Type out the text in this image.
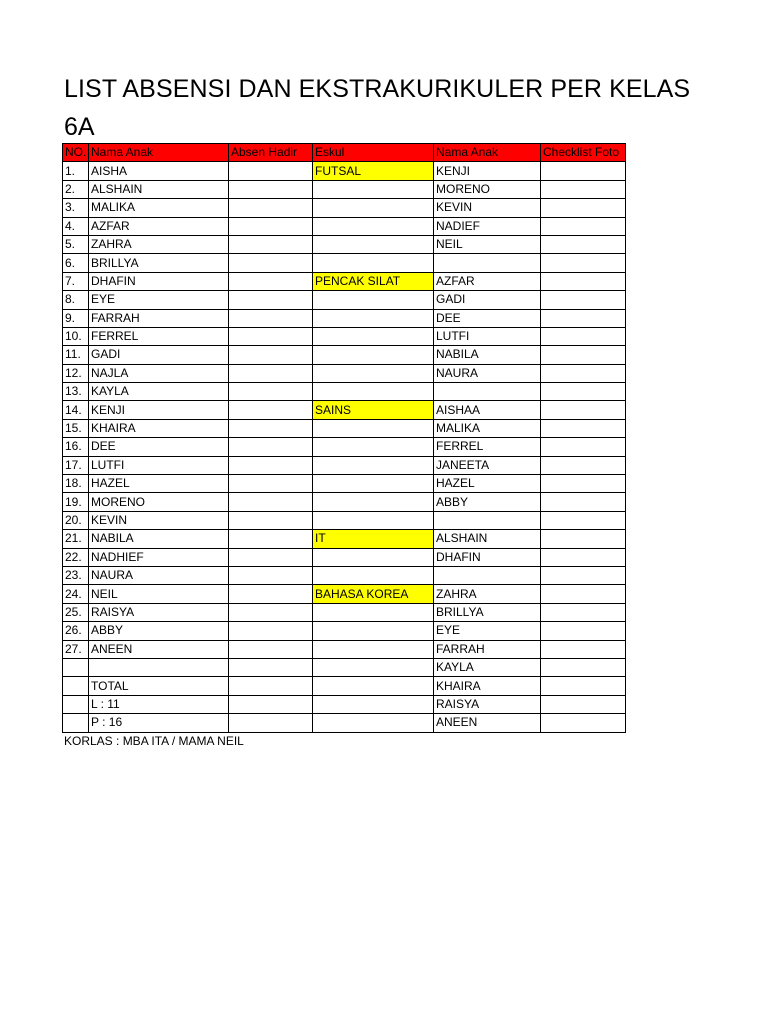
LIST ABSENSI DAN EKSTRAKURIKULER PER KELAS
6A
NO.	Nama Anak	Absen Hadir	Eskul	Nama Anak	Checklist Foto
1.	AISHA		FUTSAL	KENJI	
2.	ALSHAIN			MORENO	
3.	MALIKA			KEVIN	
4.	AZFAR			NADIEF	
5.	ZAHRA			NEIL	
6.	BRILLYA				
7.	DHAFIN		PENCAK SILAT	AZFAR	
8.	EYE			GADI	
9.	FARRAH			DEE	
10.	FERREL			LUTFI	
11.	GADI			NABILA	
12.	NAJLA			NAURA	
13.	KAYLA				
14.	KENJI		SAINS	AISHAA	
15.	KHAIRA			MALIKA	
16.	DEE			FERREL	
17.	LUTFI			JANEETA	
18.	HAZEL			HAZEL	
19.	MORENO			ABBY	
20.	KEVIN				
21.	NABILA		IT	ALSHAIN	
22.	NADHIEF			DHAFIN	
23.	NAURA				
24.	NEIL		BAHASA KOREA	ZAHRA	
25.	RAISYA			BRILLYA	
26.	ABBY			EYE	
27.	ANEEN			FARRAH	
				KAYLA	
	TOTAL			KHAIRA	
	L : 11			RAISYA	
	P : 16			ANEEN	
KORLAS : MBA ITA / MAMA NEIL
